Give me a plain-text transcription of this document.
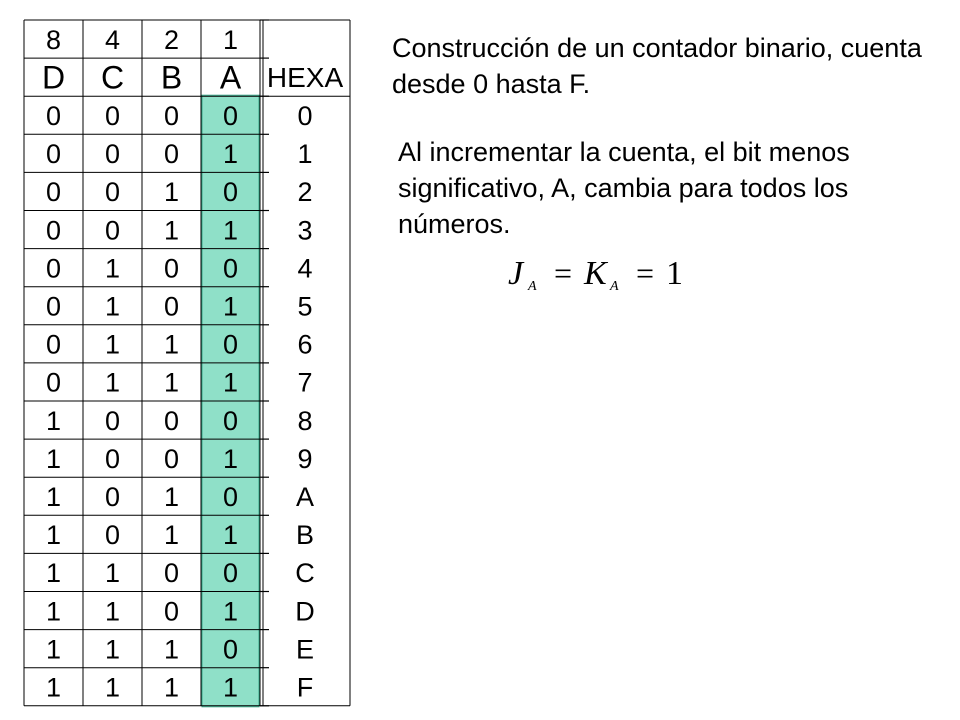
8 4 2 1
D C B A HEXA
0 0 0 0 0
0 0 0 1 1
0 0 1 0 2
0 0 1 1 3
0 1 0 0 4
0 1 0 1 5
0 1 1 0 6
0 1 1 1 7
1 0 0 0 8
1 0 0 1 9
1 0 1 0 A
1 0 1 1 B
1 1 0 0 C
1 1 0 1 D
1 1 1 0 E
1 1 1 1 F

Construcción de un contador binario, cuenta desde 0 hasta F.

Al incrementar la cuenta, el bit menos significativo, A, cambia para todos los números.

J A = K A = 1
